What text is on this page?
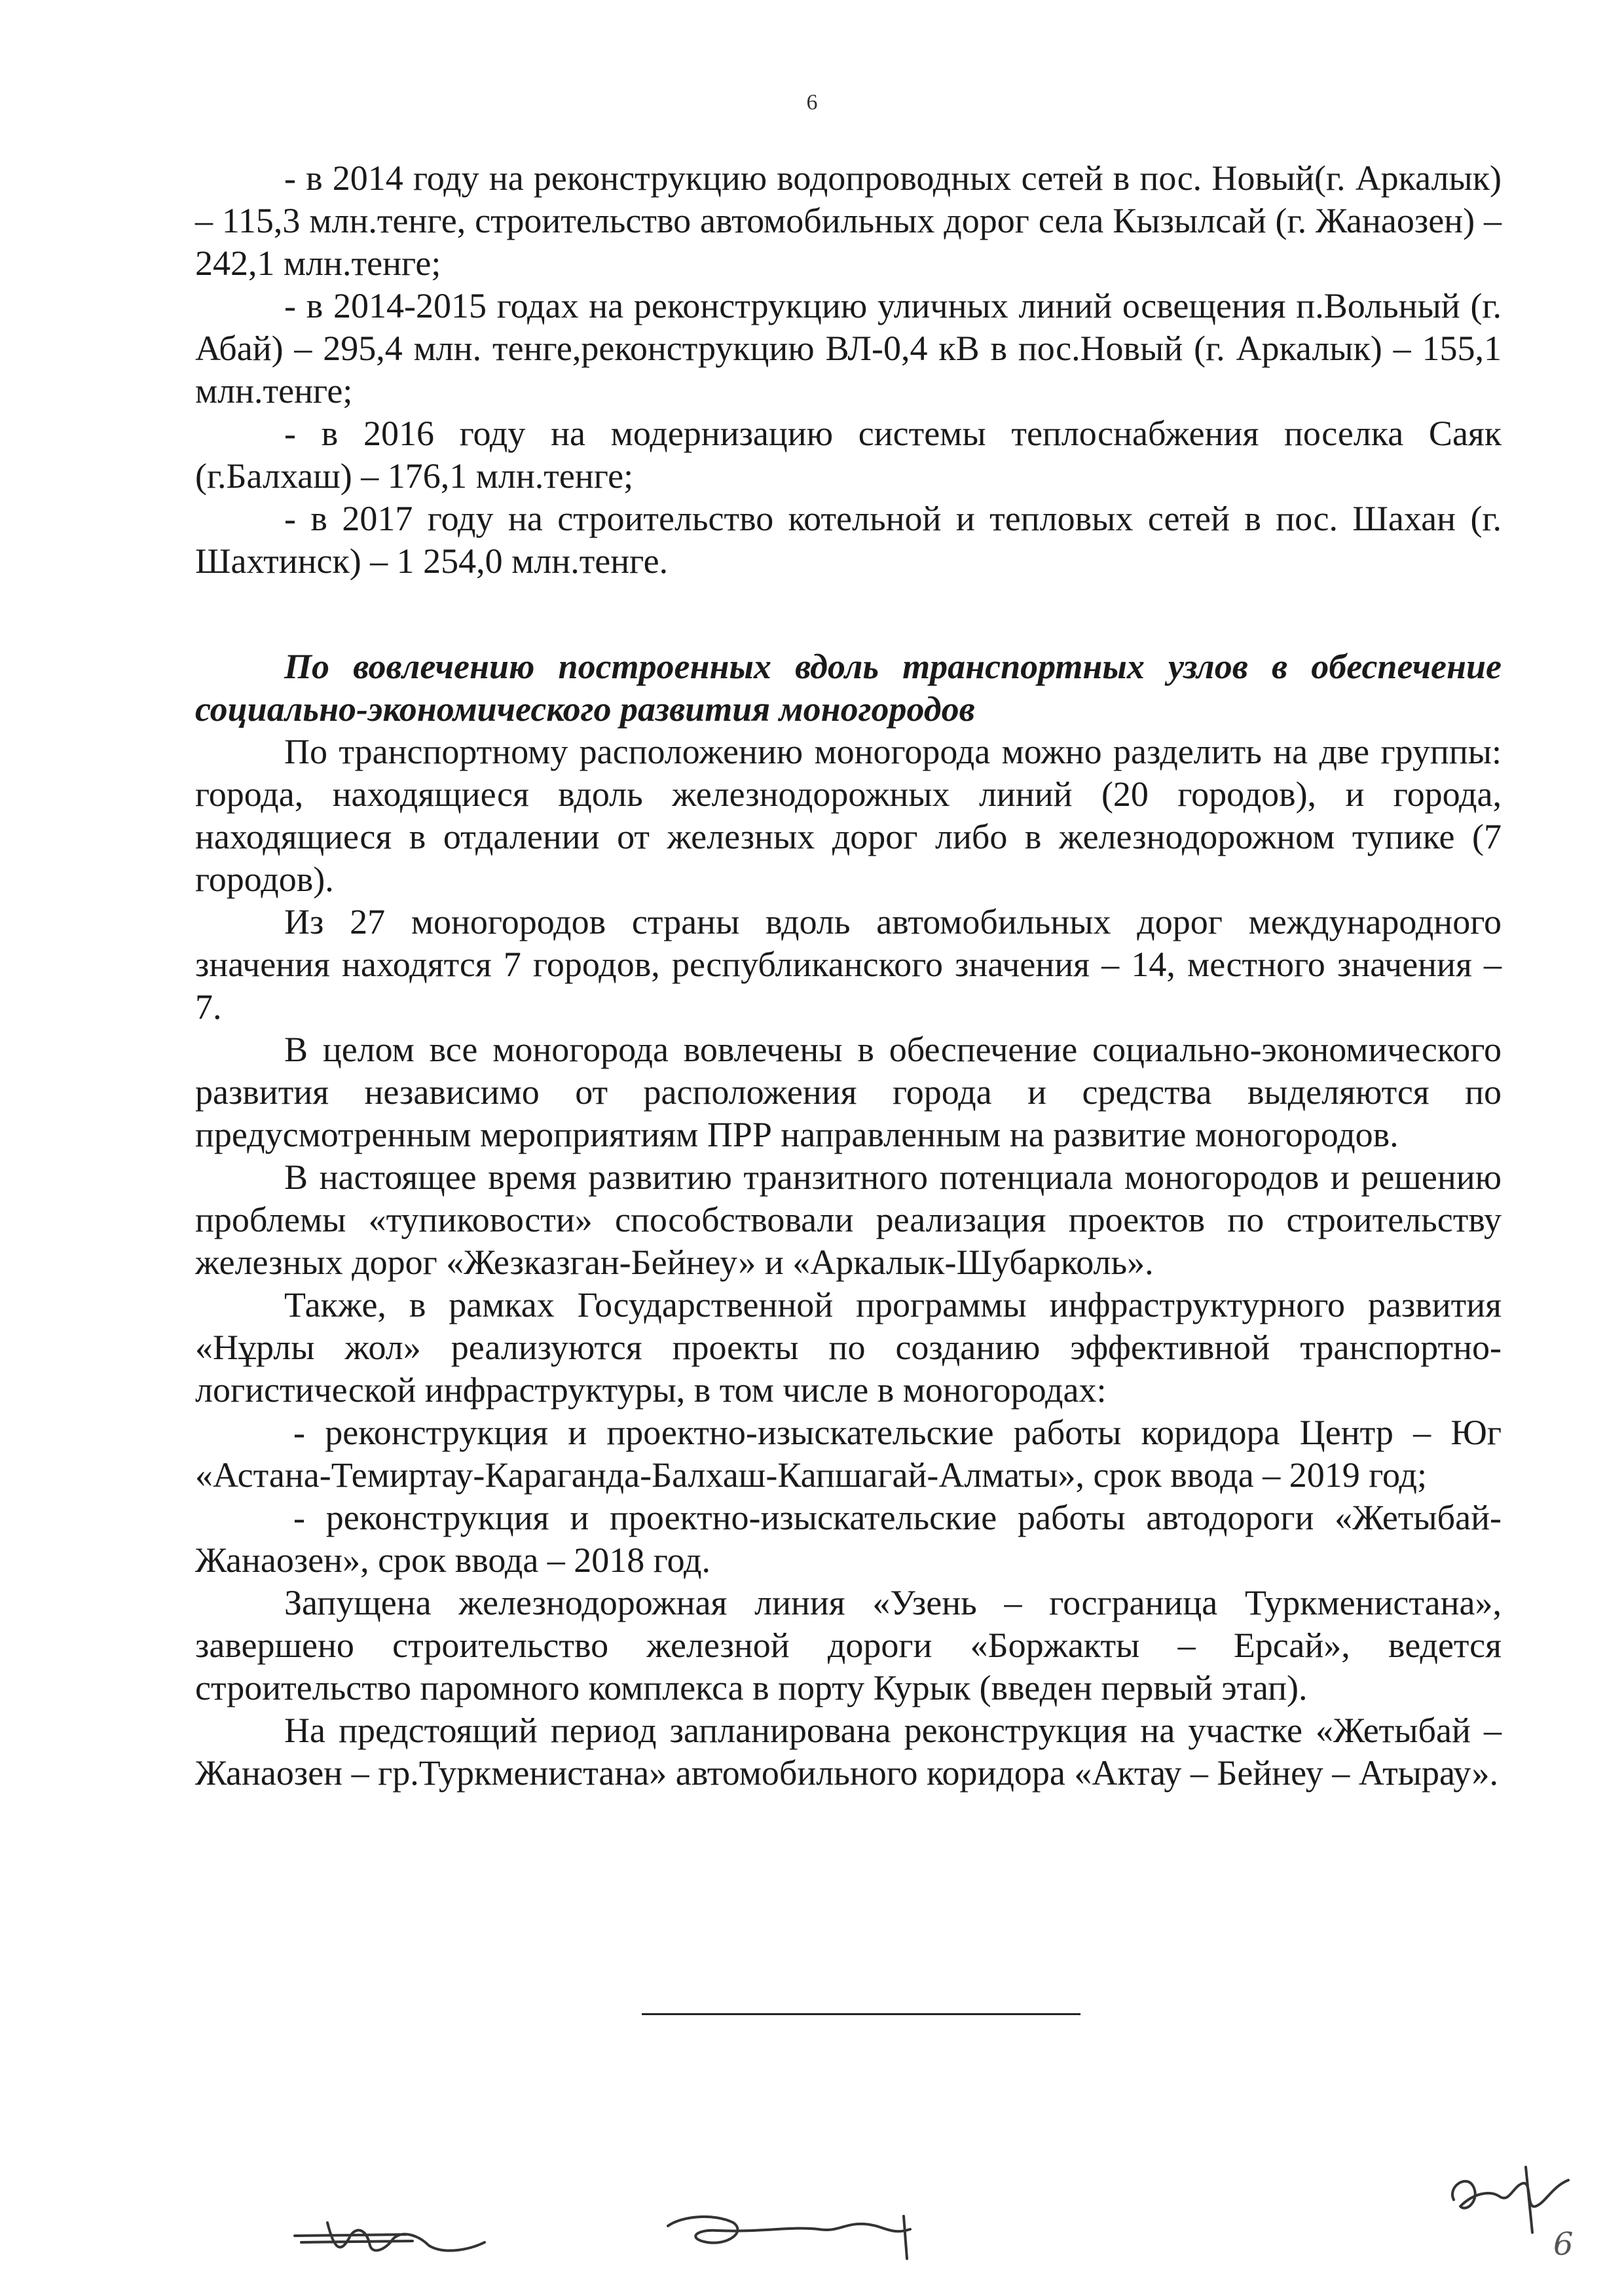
6

- в 2014 году на реконструкцию водопроводных сетей в пос. Новый(г. Аркалык) – 115,3 млн.тенге, строительство автомобильных дорог села Кызылсай (г. Жанаозен) – 242,1 млн.тенге;

- в 2014-2015 годах на реконструкцию уличных линий освещения п.Вольный (г. Абай) – 295,4 млн. тенге,реконструкцию ВЛ-0,4 кВ в пос.Новый (г. Аркалык) – 155,1 млн.тенге;

- в 2016 году на модернизацию системы теплоснабжения поселка Саяк (г.Балхаш) – 176,1 млн.тенге;

- в 2017 году на строительство котельной и тепловых сетей в пос. Шахан (г. Шахтинск) – 1 254,0 млн.тенге.

По вовлечению построенных вдоль транспортных узлов в обеспечение социально-экономического развития моногородов

По транспортному расположению моногорода можно разделить на две группы: города, находящиеся вдоль железнодорожных линий (20 городов), и города, находящиеся в отдалении от железных дорог либо в железнодорожном тупике (7 городов).

Из 27 моногородов страны вдоль автомобильных дорог международного значения находятся 7 городов, республиканского значения – 14, местного значения – 7.

В целом все моногорода вовлечены в обеспечение социально-экономического развития независимо от расположения города и средства выделяются по предусмотренным мероприятиям ПРР направленным на развитие моногородов.

В настоящее время развитию транзитного потенциала моногородов и решению проблемы «тупиковости» способствовали реализация проектов по строительству железных дорог «Жезказган-Бейнеу» и «Аркалык-Шубарколь».

Также, в рамках Государственной программы инфраструктурного развития «Нұрлы жол» реализуются проекты по созданию эффективной транспортно-логистической инфраструктуры, в том числе в моногородах:

- реконструкция и проектно-изыскательские работы коридора Центр – Юг «Астана-Темиртау-Караганда-Балхаш-Капшагай-Алматы», срок ввода – 2019 год;

- реконструкция и проектно-изыскательские работы автодороги «Жетыбай-Жанаозен», срок ввода – 2018 год.

Запущена железнодорожная линия «Узень – госграница Туркменистана», завершено строительство железной дороги «Боржакты – Ерсай», ведется строительство паромного комплекса в порту Курык (введен первый этап).

На предстоящий период запланирована реконструкция на участке «Жетыбай – Жанаозен – гр.Туркменистана» автомобильного коридора «Актау – Бейнеу – Атырау».

6
